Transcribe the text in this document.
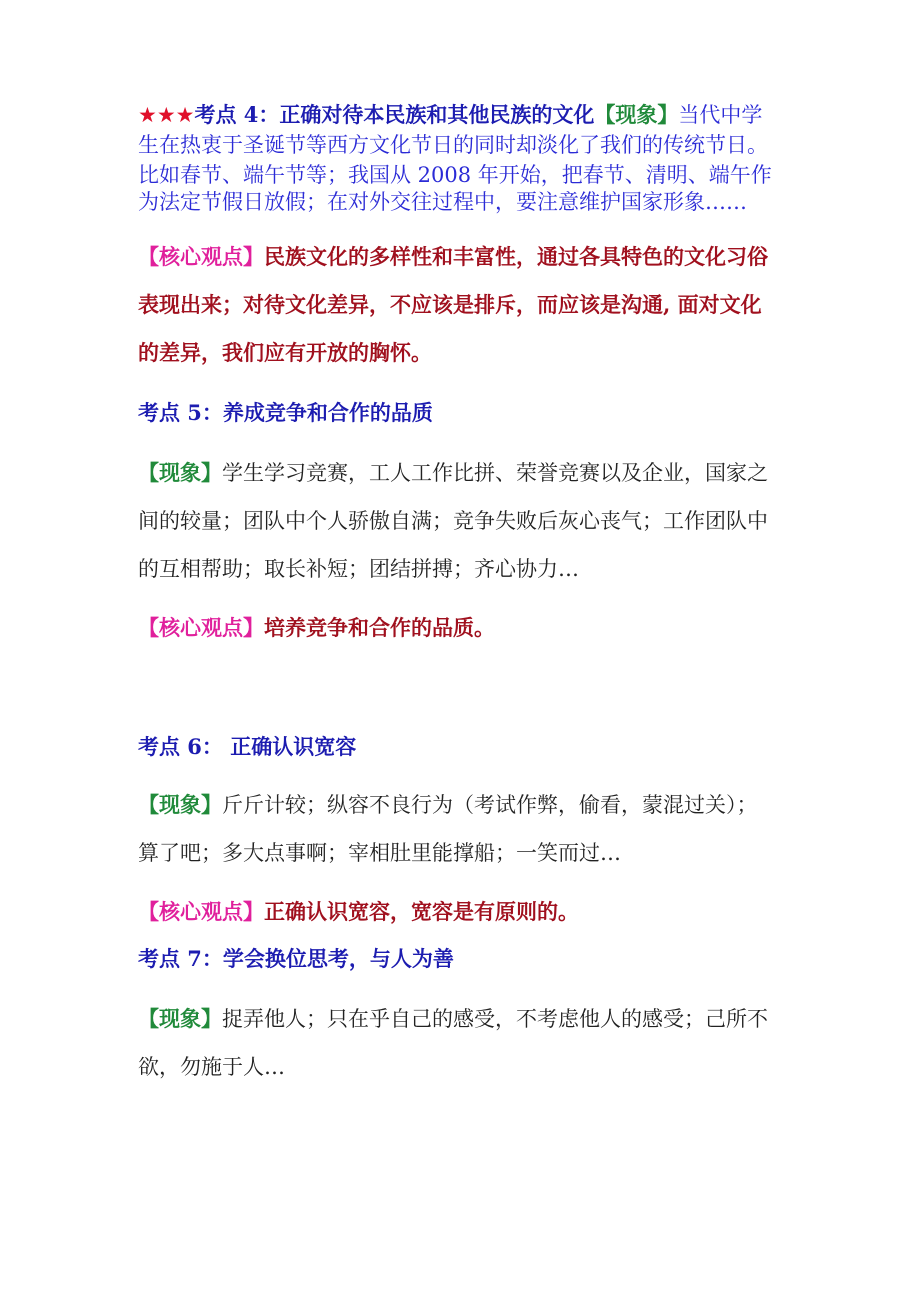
★★★考点 4：正确对待本民族和其他民族的文化【现象】当代中学
生在热衷于圣诞节等西方文化节日的同时却淡化了我们的传统节日。
比如春节、端午节等；我国从 2008 年开始，把春节、清明、端午作
为法定节假日放假；在对外交往过程中，要注意维护国家形象……
【核心观点】民族文化的多样性和丰富性，通过各具特色的文化习俗
表现出来；对待文化差异，不应该是排斥，而应该是沟通, 面对文化
的差异，我们应有开放的胸怀。
考点 5：养成竞争和合作的品质
【现象】学生学习竞赛，工人工作比拼、荣誉竞赛以及企业，国家之
间的较量；团队中个人骄傲自满；竞争失败后灰心丧气；工作团队中
的互相帮助；取长补短；团结拼搏；齐心协力…
【核心观点】培养竞争和合作的品质。
考点 6： 正确认识宽容
【现象】斤斤计较；纵容不良行为（考试作弊，偷看，蒙混过关）；
算了吧；多大点事啊；宰相肚里能撑船；一笑而过…
【核心观点】正确认识宽容，宽容是有原则的。
考点 7：学会换位思考，与人为善
【现象】捉弄他人；只在乎自己的感受，不考虑他人的感受；己所不
欲，勿施于人…
